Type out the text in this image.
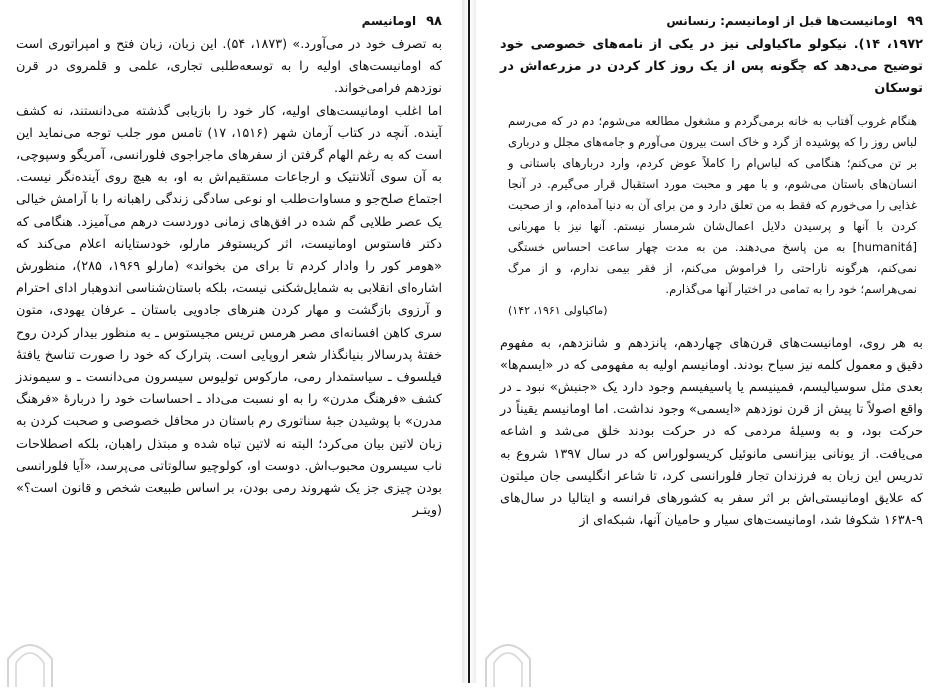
۹۸
اومانیسم

به تصرف خود در می‌آورد.» (۱۸۷۳، ۵۴). این زبان، زبان فتح و امپراتوری است که اومانیست‌های اولیه را به توسعه‌طلبی تجاری، علمی و قلمروی در قرن نوزدهم فرامی‌خواند.

اما اغلب اومانیست‌های اولیه، کار خود را بازیابی گذشته می‌دانستند، نه کشف آینده. آنچه در کتاب آرمان شهر (۱۵۱۶، ۱۷) تامس مور جلب توجه می‌نماید این است که به رغم الهام گرفتن از سفرهای ماجراجوی فلورانسی، آمریگو وسپوچی، به آن سوی آتلانتیک و ارجاعات مستقیم‌اش به او، به هیچ روی آینده‌نگر نیست. اجتماع صلح‌جو و مساوات‌طلب او نوعی سادگی زندگی راهبانه را با آرامش خیالی یک عصر طلایی گم شده در افق‌های زمانی دوردست درهم می‌آمیزد. هنگامی که دکتر فاستوس اومانیست، اثر کریستوفر مارلو، خودستایانه اعلام می‌کند که «هومر کور را وادار کردم تا برای من بخواند» (مارلو ۱۹۶۹، ۲۸۵)، منظورش اشاره‌ای انقلابی به شمایل‌شکنی نیست، بلکه باستان‌شناسی اندوهبار ادای احترام و آرزوی بازگشت و مهار کردن هنرهای جادویی باستان ـ عرفان یهودی، متون سری کاهن افسانه‌ای مصر هرمس تریس مجیستوس ـ به منظور بیدار کردن روح خفتهٔ پدرسالار بنیانگذار شعر اروپایی است. پترارک که خود را صورت تناسخ یافتهٔ فیلسوف ـ سیاستمدار رمی، مارکوس تولیوس سیسرون می‌دانست ـ و سیموندز کشف «فرهنگ مدرن» را به او نسبت می‌داد ـ احساسات خود را دربارهٔ «فرهنگ مدرن» با پوشیدن جبهٔ سناتوری رم باستان در محافل خصوصی و صحبت کردن به زبان لاتین بیان می‌کرد؛ البته نه لاتین تباه شده و مبتذل راهبان، بلکه اصطلاحات ناب سیسرون محبوب‌اش. دوست او، کولوچیو سالوتاتی می‌پرسد، «آیا فلورانسی بودن چیزی جز یک شهروند رمی بودن، بر اساس طبیعت شخص و قانون است؟» (ویتـر

۹۹
اومانیست‌ها قبل از اومانیسم: رنسانس

۱۹۷۲، ۱۴). نیکولو ماکیاولی نیز در یکی از نامه‌های خصوصی خود توضیح می‌دهد که چگونه پس از یک روز کار کردن در مزرعه‌اش در توسکان

هنگام غروب آفتاب به خانه برمی‌گردم و مشغول مطالعه می‌شوم؛ دم در که می‌رسم لباس روز را که پوشیده از گرد و خاک است بیرون می‌آورم و جامه‌های مجلل و درباری بر تن می‌کنم؛ هنگامی که لباس‌ام را کاملاً عوض کردم، وارد دربارهای باستانی و انسان‌های باستان می‌شوم، و با مهر و محبت مورد استقبال قرار می‌گیرم. در آنجا غذایی را می‌خورم که فقط به من تعلق دارد و من برای آن به دنیا آمده‌ام، و از صحبت کردن با آنها و پرسیدن دلایل اعمال‌شان شرمسار نیستم. آنها نیز با مهربانی [humanitá] به من پاسخ می‌دهند. من به مدت چهار ساعت احساس خستگی نمی‌کنم، هرگونه ناراحتی را فراموش می‌کنم، از فقر بیمی ندارم، و از مرگ نمی‌هراسم؛ خود را به تمامی در اختیار آنها می‌گذارم.
(ماکیاولی ۱۹۶۱، ۱۴۲)

به هر روی، اومانیست‌های قرن‌های چهاردهم، پانزدهم و شانزدهم، به مفهوم دقیق و معمول کلمه نیز سیاح بودند. اومانیسم اولیه به مفهومی که در «ایسم‌ها» بعدی مثل سوسیالیسم، فمینیسم یا پاسیفیسم وجود دارد یک «جنبش» نبود ـ در واقع اصولاً تا پیش از قرن نوزدهم «ایسمی» وجود نداشت. اما اومانیسم یقیناً در حرکت بود، و به وسیلهٔ مردمی که در حرکت بودند خلق می‌شد و اشاعه می‌یافت. از یونانی بیزانسی مانوئیل کریسولوراس که در سال ۱۳۹۷ شروع به تدریس این زبان به فرزندان تجار فلورانسی کرد، تا شاعر انگلیسی جان میلتون که علایق اومانیستی‌اش بر اثر سفر به کشورهای فرانسه و ایتالیا در سال‌های ۹-۱۶۳۸ شکوفا شد، اومانیست‌های سیار و حامیان آنها، شبکه‌ای از
